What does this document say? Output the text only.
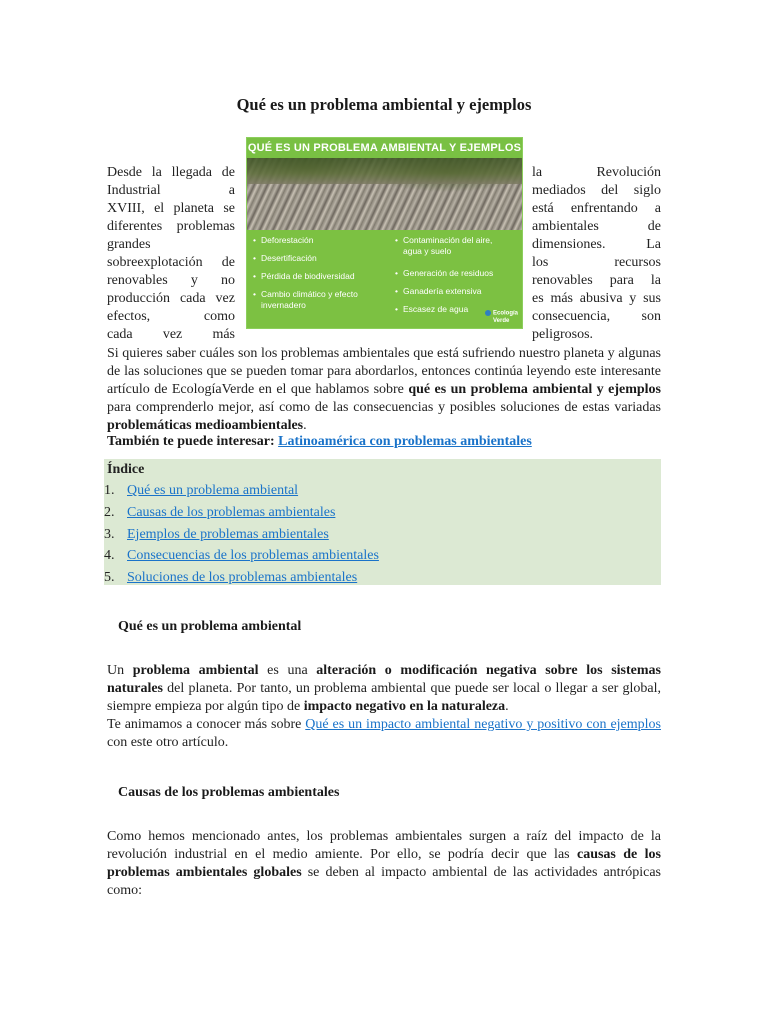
Qué es un problema ambiental y ejemplos
Desde la llegada de
Industrial a
XVIII, el planeta se
diferentes problemas
grandes
sobreexplotación de
renovables y no
producción cada vez
efectos, como
cada vez más
QUÉ ES UN PROBLEMA AMBIENTAL Y EJEMPLOS
• Deforestación
• Desertificación
• Pérdida de biodiversidad
• Cambio climático y efecto invernadero
• Contaminación del aire, agua y suelo
• Generación de residuos
• Ganadería extensiva
• Escasez de agua	Ecología
Verde
la Revolución
mediados del siglo
está enfrentando a
ambientales de
dimensiones. La
los recursos
renovables para la
es más abusiva y sus
consecuencia, son
peligrosos.
Si quieres saber cuáles son los problemas ambientales que está sufriendo nuestro planeta y algunas de las soluciones que se pueden tomar para abordarlos, entonces continúa leyendo este interesante artículo de EcologíaVerde en el que hablamos sobre qué es un problema ambiental y ejemplos para comprenderlo mejor, así como de las consecuencias y posibles soluciones de estas variadas problemáticas medioambientales.
También te puede interesar: Latinoamérica con problemas ambientales
Índice
1. Qué es un problema ambiental
2. Causas de los problemas ambientales
3. Ejemplos de problemas ambientales
4. Consecuencias de los problemas ambientales
5. Soluciones de los problemas ambientales
Qué es un problema ambiental
Un problema ambiental es una alteración o modificación negativa sobre los sistemas naturales del planeta. Por tanto, un problema ambiental que puede ser local o llegar a ser global, siempre empieza por algún tipo de impacto negativo en la naturaleza.
Te animamos a conocer más sobre Qué es un impacto ambiental negativo y positivo con ejemplos con este otro artículo.
Causas de los problemas ambientales
Como hemos mencionado antes, los problemas ambientales surgen a raíz del impacto de la revolución industrial en el medio amiente. Por ello, se podría decir que las causas de los problemas ambientales globales se deben al impacto ambiental de las actividades antrópicas como:
